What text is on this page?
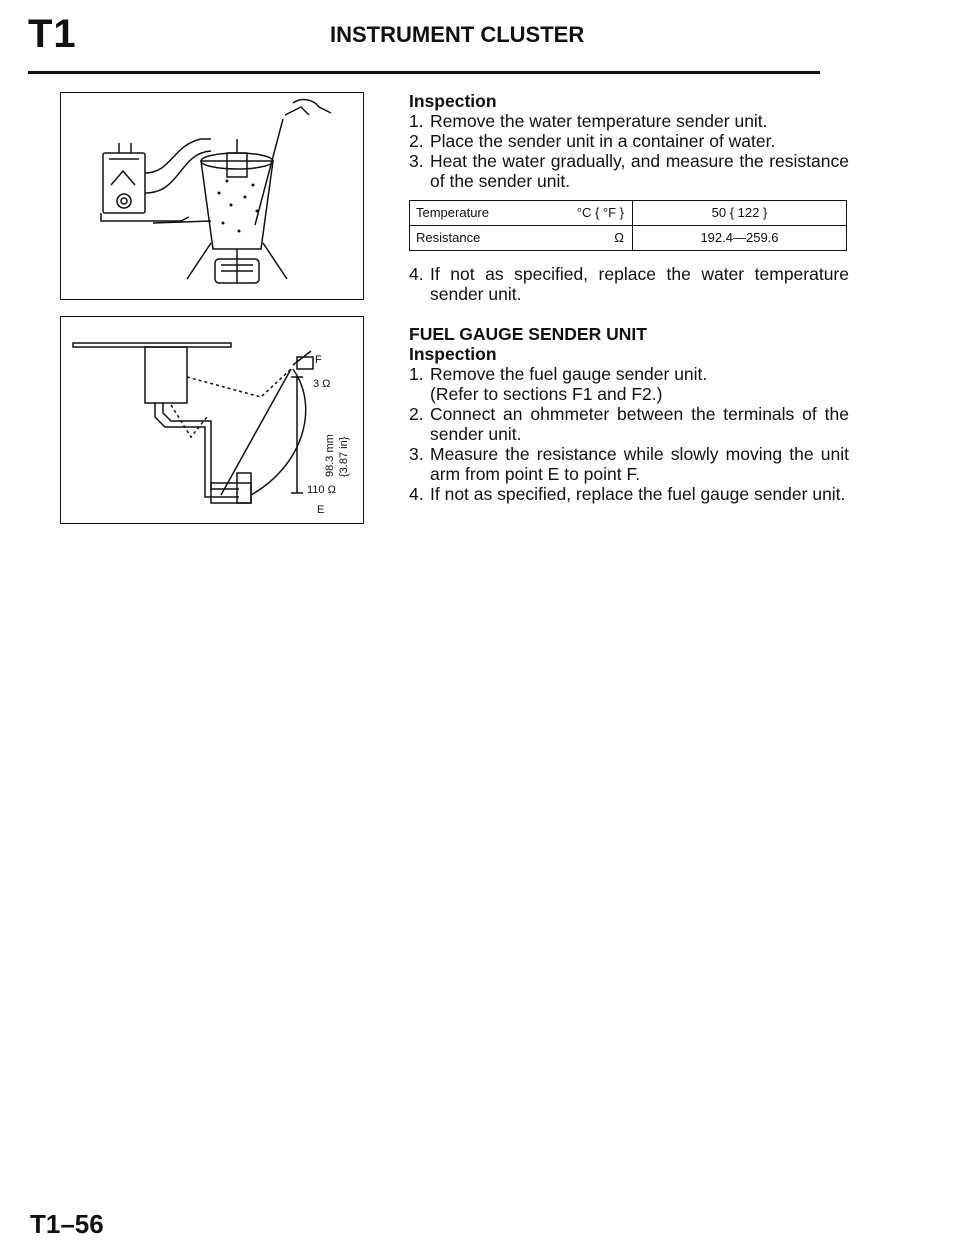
T1	INSTRUMENT CLUSTER
F
3 Ω
98.3 mm {3.87 in}
110 Ω
E
Inspection
1. Remove the water temperature sender unit.
2. Place the sender unit in a container of water.
3. Heat the water gradually, and measure the resistance of the sender unit.
Temperature °C { °F }	50 { 122 }
Resistance Ω	192.4—259.6
4. If not as specified, replace the water temperature sender unit.
FUEL GAUGE SENDER UNIT
Inspection
1. Remove the fuel gauge sender unit.
(Refer to sections F1 and F2.)
2. Connect an ohmmeter between the terminals of the sender unit.
3. Measure the resistance while slowly moving the unit arm from point E to point F.
4. If not as specified, replace the fuel gauge sender unit.
T1–56
